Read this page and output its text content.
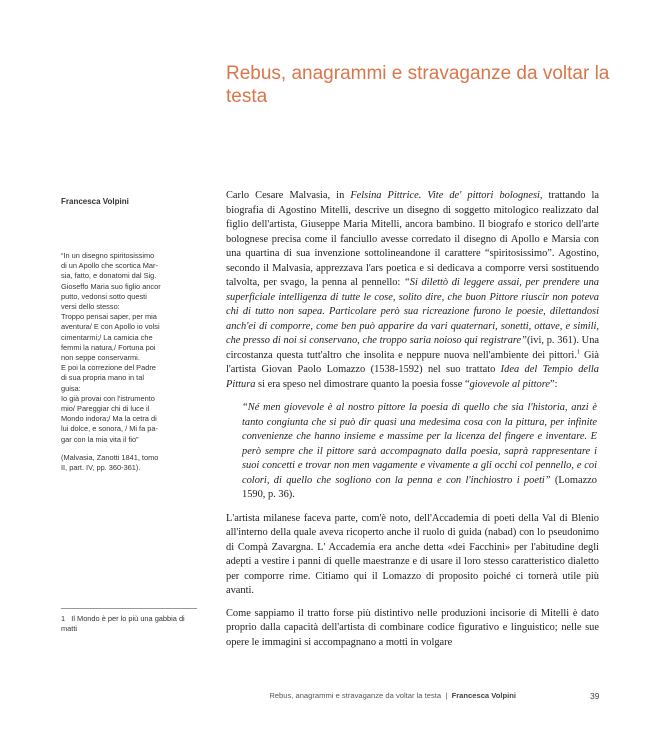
Rebus, anagrammi e stravaganze da voltar la testa
Francesca Volpini
“In un disegno spiritosissimo
di un Apollo che scortica Mar-
sia, fatto, e donatomi dal Sig.
Gioseffo Maria suo figlio ancor
putto, vedonsi sotto questi
versi dello stesso:
Troppo pensai saper, per mia
aventura/ E con Apollo io volsi
cimentarmi;/ La camicia che
femmi la natura,/ Fortuna poi
non seppe conservarmi.
E poi la correzione del Padre
di sua propria mano in tal
guisa:
Io già provai con l'istrumento
mio/ Pareggiar chi di luce il
Mondo indora;/ Ma la cetra di
lui dolce, e sonora, / Mi fa pa-
gar con la mia vita il fio”
(Malvasia, Zanotti 1841, tomo
II, part. IV, pp. 360-361).
1 Il Mondo è per lo più una gabbia di matti

Carlo Cesare Malvasia, in Felsina Pittrice. Vite de' pittori bolognesi, trattando la biografia di Agostino Mitelli, descrive un disegno di soggetto mitologico realizzato dal figlio dell'artista, Giuseppe Maria Mitelli, ancora bambino. Il biografo e storico dell'arte bolognese precisa come il fanciullo avesse corredato il disegno di Apollo e Marsia con una quartina di sua invenzione sottolineandone il carattere “spiritosissimo”. Agostino, secondo il Malvasia, apprezzava l'ars poetica e si dedicava a comporre versi sostituendo talvolta, per svago, la penna al pennello: “Si dilettò di leggere assai, per prendere una superficiale intelligenza di tutte le cose, solito dire, che buon Pittore riuscir non poteva chi di tutto non sapea. Particolare però sua ricreazione furono le poesie, dilettandosi anch'ei di comporre, come ben può apparire da vari quaternari, sonetti, ottave, e simili, che presso di noi si conservano, che troppo saria noioso qui registrare”(ivi, p. 361). Una circostanza questa tutt'altro che insolita e neppure nuova nell'ambiente dei pittori.$^1$ Già l'artista Giovan Paolo Lomazzo (1538-1592) nel suo trattato Idea del Tempio della Pittura si era speso nel dimostrare quanto la poesia fosse “giovevole al pittore”:

“Né men giovevole è al nostro pittore la poesia di quello che sia l'historia, anzi è tanto congiunta che si può dir quasi una medesima cosa con la pittura, per infinite convenienze che hanno insieme e massime per la licenza del fingere e inventare. E però sempre che il pittore sarà accompagnato dalla poesia, saprà rappresentare i suoi concetti e trovar non men vagamente e vivamente a gli occhi col pennello, e coi colori, di quello che sogliono con la penna e con l'inchiostro i poeti” (Lomazzo 1590, p. 36).

L'artista milanese faceva parte, com'è noto, dell'Accademia di poeti della Val di Blenio all'interno della quale aveva ricoperto anche il ruolo di guida (nabad) con lo pseudonimo di Compà Zavargna. L' Accademia era anche detta «dei Facchini» per l'abitudine degli adepti a vestire i panni di quelle maestranze e di usare il loro stesso caratteristico dialetto per comporre rime. Citiamo qui il Lomazzo di proposito poiché ci tornerà utile più avanti.

Come sappiamo il tratto forse più distintivo nelle produzioni incisorie di Mitelli è dato proprio dalla capacità dell'artista di combinare codice figurativo e linguistico; nelle sue opere le immagini si accompagnano a motti in volgare

Rebus, anagrammi e stravaganze da voltar la testa | Francesca Volpini	39
